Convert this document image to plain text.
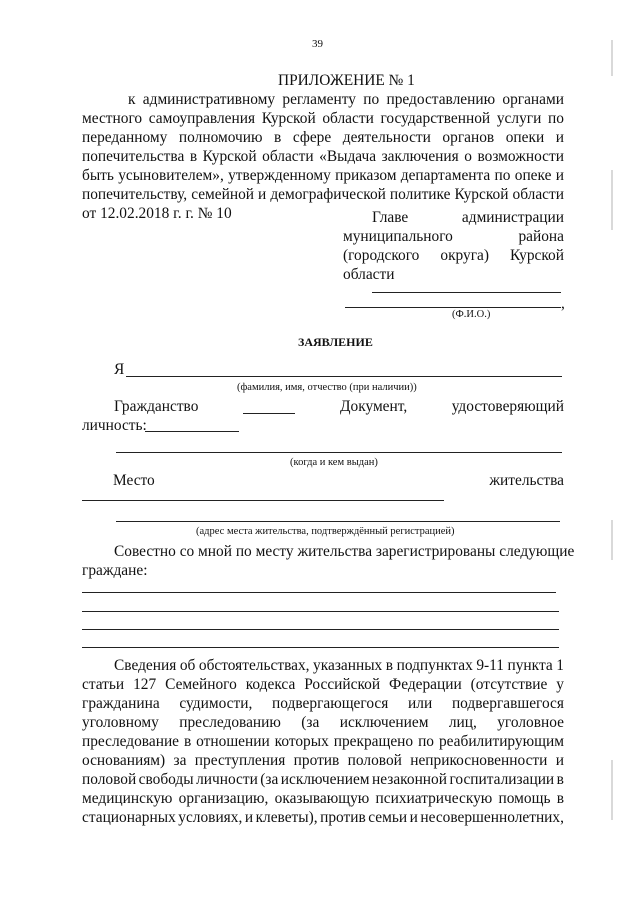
39
ПРИЛОЖЕНИЕ № 1
к административному регламенту по предоставлению органами
местного самоуправления Курской области государственной услуги по
переданному полномочию в сфере деятельности органов опеки и
попечительства в Курской области «Выдача заключения о возможности
быть усыновителем», утвержденному приказом департамента по опеке и
попечительству, семейной и демографической политике Курской области
от 12.02.2018 г. г. № 10	Главе	администрации
муниципального	района
(городского округа) Курской
области
,
(Ф.И.О.)
ЗАЯВЛЕНИЕ
Я
(фамилия, имя, отчество (при наличии))
Гражданство	Документ,	удостоверяющий
личность:
(когда и кем выдан)
Место	жительства
(адрес места жительства, подтверждённый регистрацией)
Совестно со мной по месту жительства зарегистрированы следующие
граждане:
Сведения об обстоятельствах, указанных в подпунктах 9-11 пункта 1
статьи 127 Семейного кодекса Российской Федерации (отсутствие у
гражданина судимости, подвергающегося или подвергавшегося
уголовному преследованию (за исключением лиц, уголовное
преследование в отношении которых прекращено по реабилитирующим
основаниям) за преступления против половой неприкосновенности и
половой свободы личности (за исключением незаконной госпитализации в
медицинскую организацию, оказывающую психиатрическую помощь в
стационарных условиях, и клеветы), против семьи и несовершеннолетних,
